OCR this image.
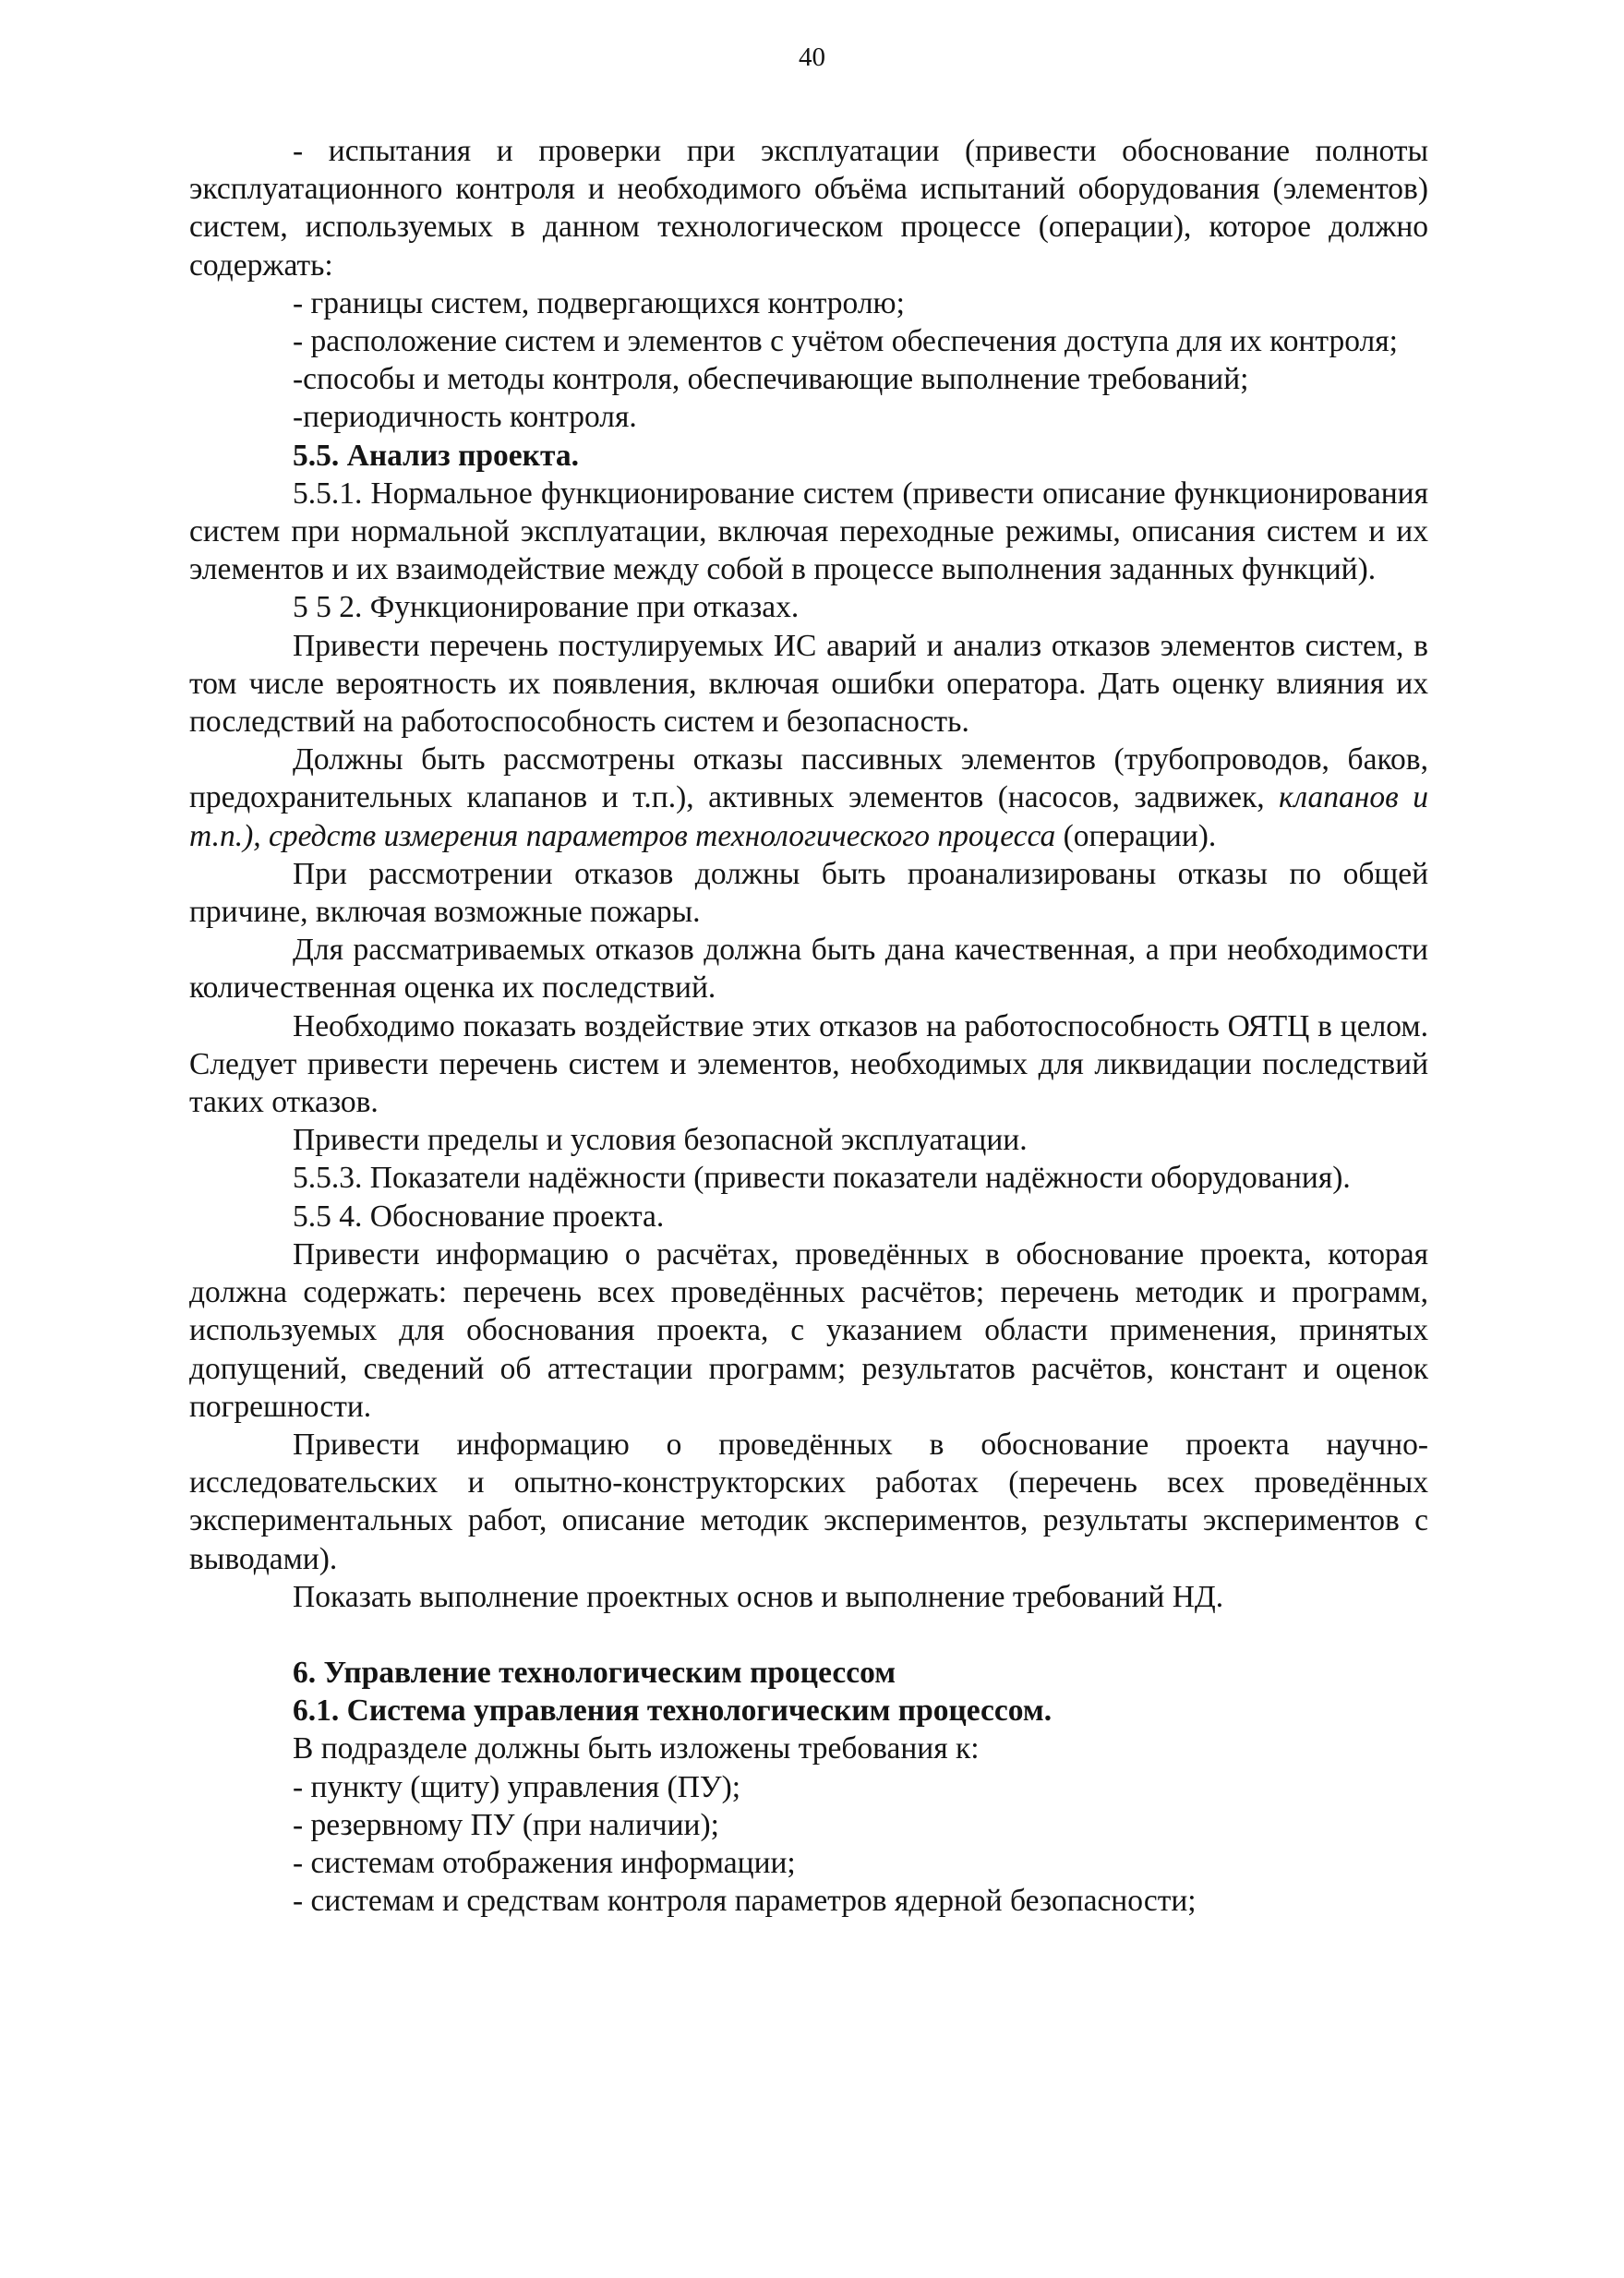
40

- испытания и проверки при эксплуатации (привести обоснование полноты эксплуатационного контроля и необходимого объёма испытаний оборудования (элементов) систем, используемых в данном технологическом процессе (операции), которое должно содержать:

- границы систем, подвергающихся контролю;

- расположение систем и элементов с учётом обеспечения доступа для их контроля;

-способы и методы контроля, обеспечивающие выполнение требований;

-периодичность контроля.

5.5. Анализ проекта.

5.5.1. Нормальное функционирование систем (привести описание функционирования систем при нормальной эксплуатации, включая переходные режимы, описания систем и их элементов и их взаимодействие между собой в процессе выполнения заданных функций).

5 5 2. Функционирование при отказах.

Привести перечень постулируемых ИС аварий и анализ отказов элементов систем, в том числе вероятность их появления, включая ошибки оператора. Дать оценку влияния их последствий на работоспособность систем и безопасность.

Должны быть рассмотрены отказы пассивных элементов (трубопроводов, баков, предохранительных клапанов и т.п.), активных элементов (насосов, задвижек, клапанов и т.п.), средств измерения параметров технологического процесса (операции).

При рассмотрении отказов должны быть проанализированы отказы по общей причине, включая возможные пожары.

Для рассматриваемых отказов должна быть дана качественная, а при необходимости количественная оценка их последствий.

Необходимо показать воздействие этих отказов на работоспособность ОЯТЦ в целом. Следует привести перечень систем и элементов, необходимых для ликвидации последствий таких отказов.

Привести пределы и условия безопасной эксплуатации.

5.5.3. Показатели надёжности (привести показатели надёжности оборудования).

5.5 4. Обоснование проекта.

Привести информацию о расчётах, проведённых в обоснование проекта, которая должна содержать: перечень всех проведённых расчётов; перечень методик и программ, используемых для обоснования проекта, с указанием области применения, принятых допущений, сведений об аттестации программ; результатов расчётов, констант и оценок погрешности.

Привести информацию о проведённых в обоснование проекта научно-исследовательских и опытно-конструкторских работах (перечень всех проведённых экспериментальных работ, описание методик экспериментов, результаты экспериментов с выводами).

Показать выполнение проектных основ и выполнение требований НД.

6. Управление технологическим процессом

6.1. Система управления технологическим процессом.

В подразделе должны быть изложены требования к:

- пункту (щиту) управления (ПУ);

- резервному ПУ (при наличии);

- системам отображения информации;

- системам и средствам контроля параметров ядерной безопасности;
